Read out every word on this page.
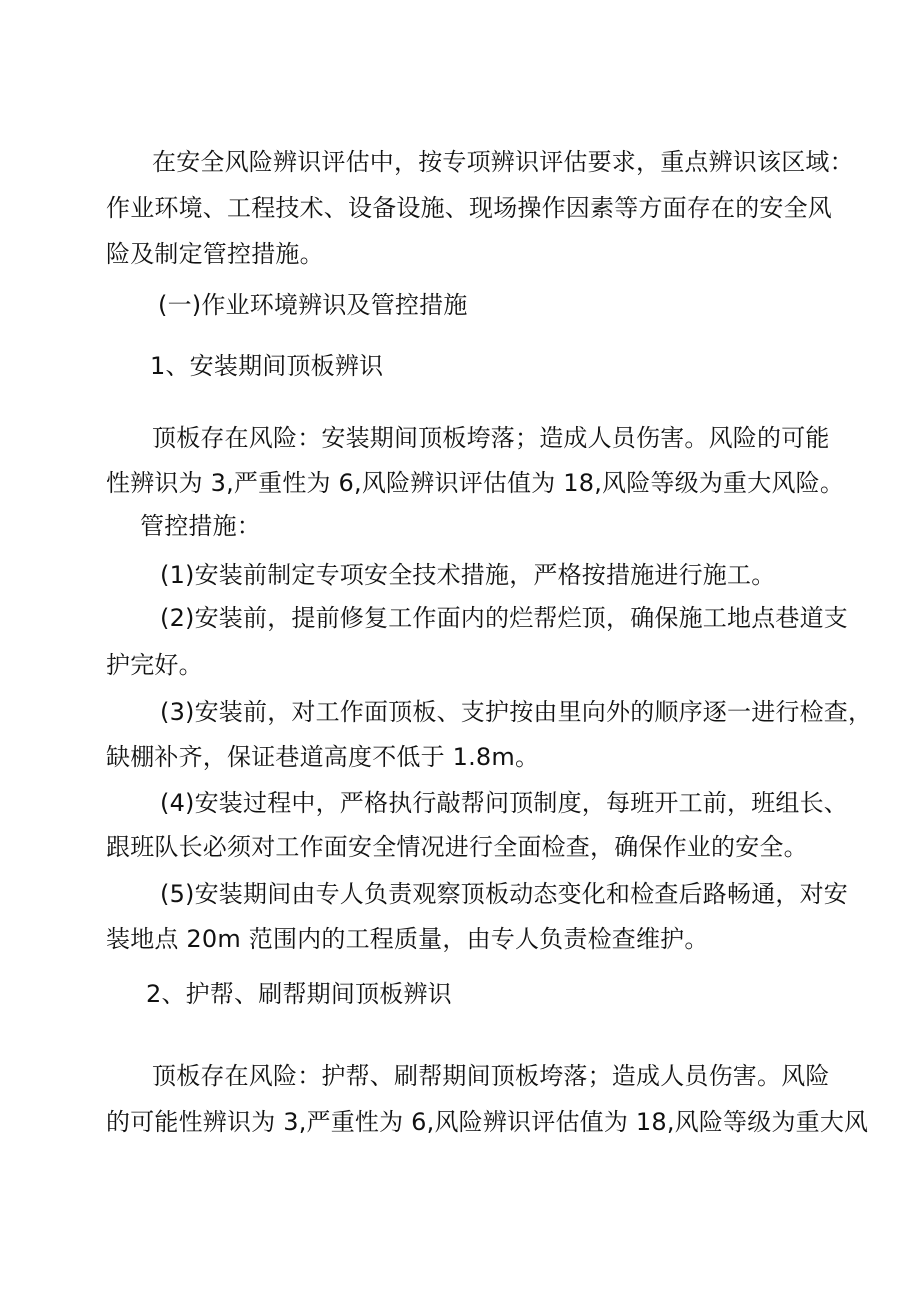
在安全风险辨识评估中，按专项辨识评估要求，重点辨识该区域：
作业环境、工程技术、设备设施、现场操作因素等方面存在的安全风
险及制定管控措施。
(一)作业环境辨识及管控措施
1、安装期间顶板辨识
顶板存在风险：安装期间顶板垮落；造成人员伤害。风险的可能
性辨识为 3,严重性为 6,风险辨识评估值为 18,风险等级为重大风险。
管控措施：
(1)安装前制定专项安全技术措施，严格按措施进行施工。
(2)安装前，提前修复工作面内的烂帮烂顶，确保施工地点巷道支
护完好。
(3)安装前，对工作面顶板、支护按由里向外的顺序逐一进行检查，
缺棚补齐，保证巷道高度不低于 1.8m。
(4)安装过程中，严格执行敲帮问顶制度，每班开工前，班组长、
跟班队长必须对工作面安全情况进行全面检查，确保作业的安全。
(5)安装期间由专人负责观察顶板动态变化和检查后路畅通，对安
装地点 20m 范围内的工程质量，由专人负责检查维护。
2、护帮、刷帮期间顶板辨识
顶板存在风险：护帮、刷帮期间顶板垮落；造成人员伤害。风险
的可能性辨识为 3,严重性为 6,风险辨识评估值为 18,风险等级为重大风
